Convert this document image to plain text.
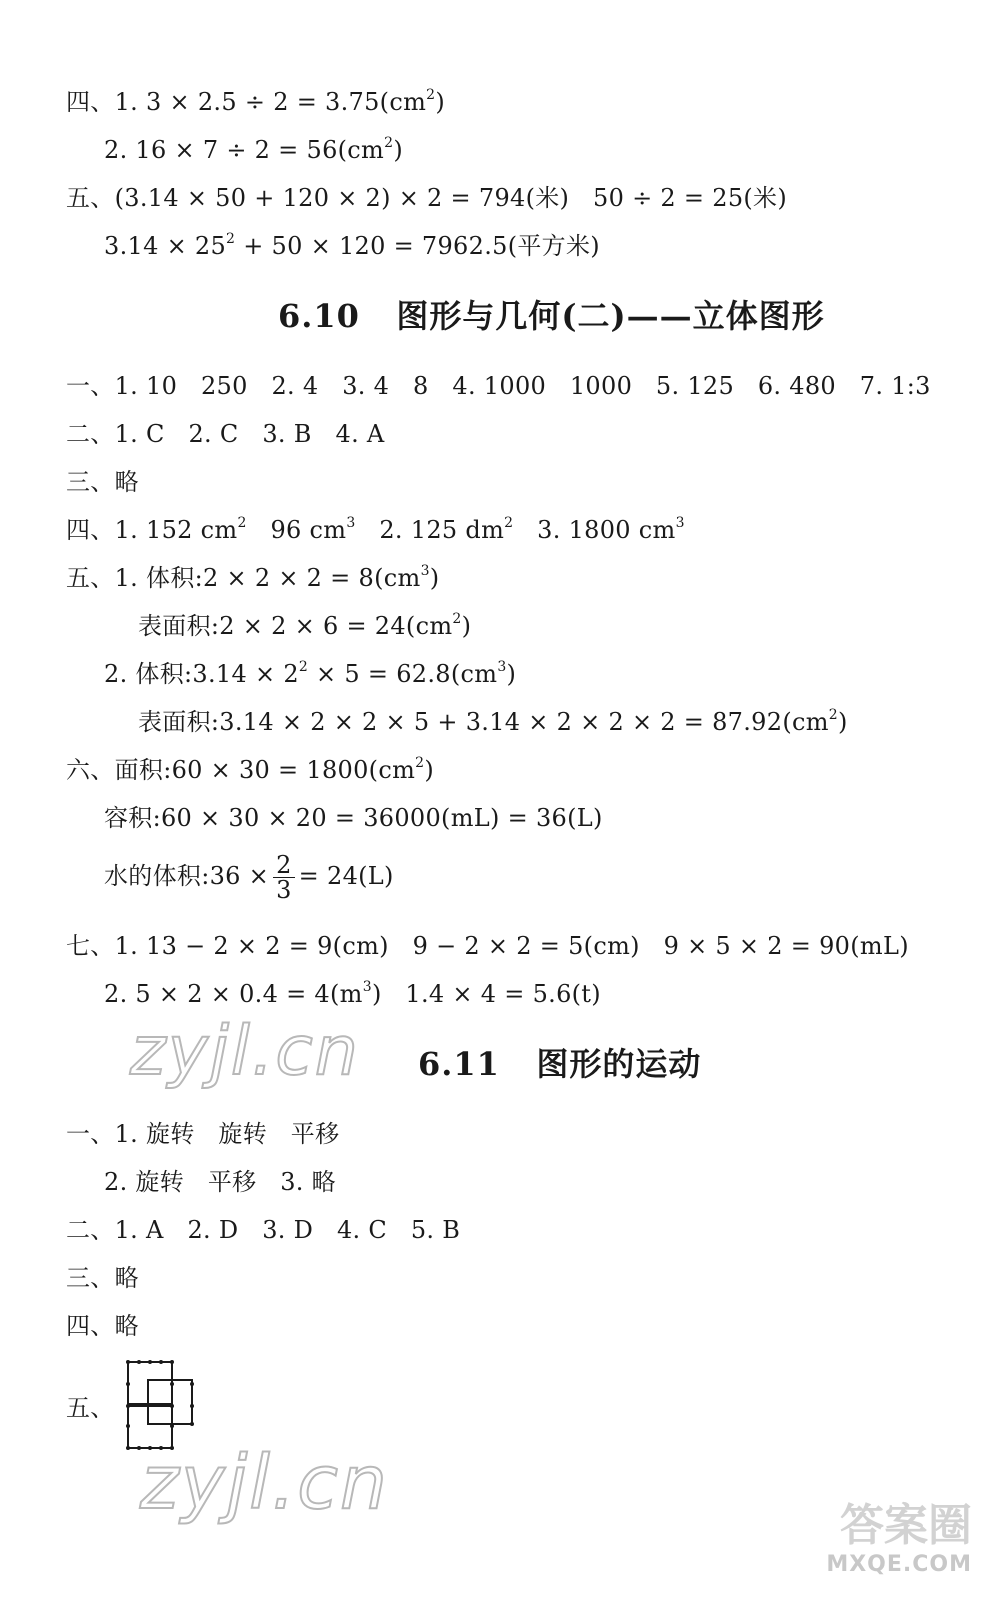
四、1. $3 \times 2.5 \div 2 = 3.75(cm^2)$
2. $16 \times 7 \div 2 = 56(cm^2)$
五、(3.14 × 50 + 120 × 2) × 2 = 794(米)   50 ÷ 2 = 25(米)
$3.14 \times 25^2 + 50 \times 120 = 7962.5$(平方米)
6.10   图形与几何(二)——立体图形
一、1. 10   250   2. 4   3. 4   8   4. 1000   1000   5. 125   6. 480   7. 1:3
二、1. C   2. C   3. B   4. A
三、略
四、1. 152 $cm^2$   96 $cm^3$   2. 125 $dm^2$   3. 1800 $cm^3$
五、1. 体积:2 × $2 \times 2 = 8(cm^3)$
表面积:2 × $2 \times 6 = 24(cm^2)$
2. 体积:3.14 × $2^2 \times 5 = 62.8(cm^3)$
表面积:3.14 × $2 \times 2 \times 5 + 3.14 \times 2 \times 2 \times 2 = 87.92(cm^2)$
六、面积:60 × $30 = 1800(cm^2)$
容积:60 × 30 × 20 = 36000(mL) = 36(L)
水的体积:36 × $\frac{2}{3} = 24(L)$
七、1. 13 − 2 × 2 = 9(cm)   9 − 2 × 2 = 5(cm)   9 × 5 × 2 = 90(mL)
2. $5 \times 2 \times 0.4 = 4(m^3) 1.4 \times 4 = 5.6(t)$
zyjl.cn 6.11   图形的运动
一、1. 旋转   旋转   平移
2. 旋转   平移   3. 略
二、1. A   2. D   3. D   4. C   5. B
三、略
四、略
五、
zyjl.cn	答案圈
MXQE.COM
